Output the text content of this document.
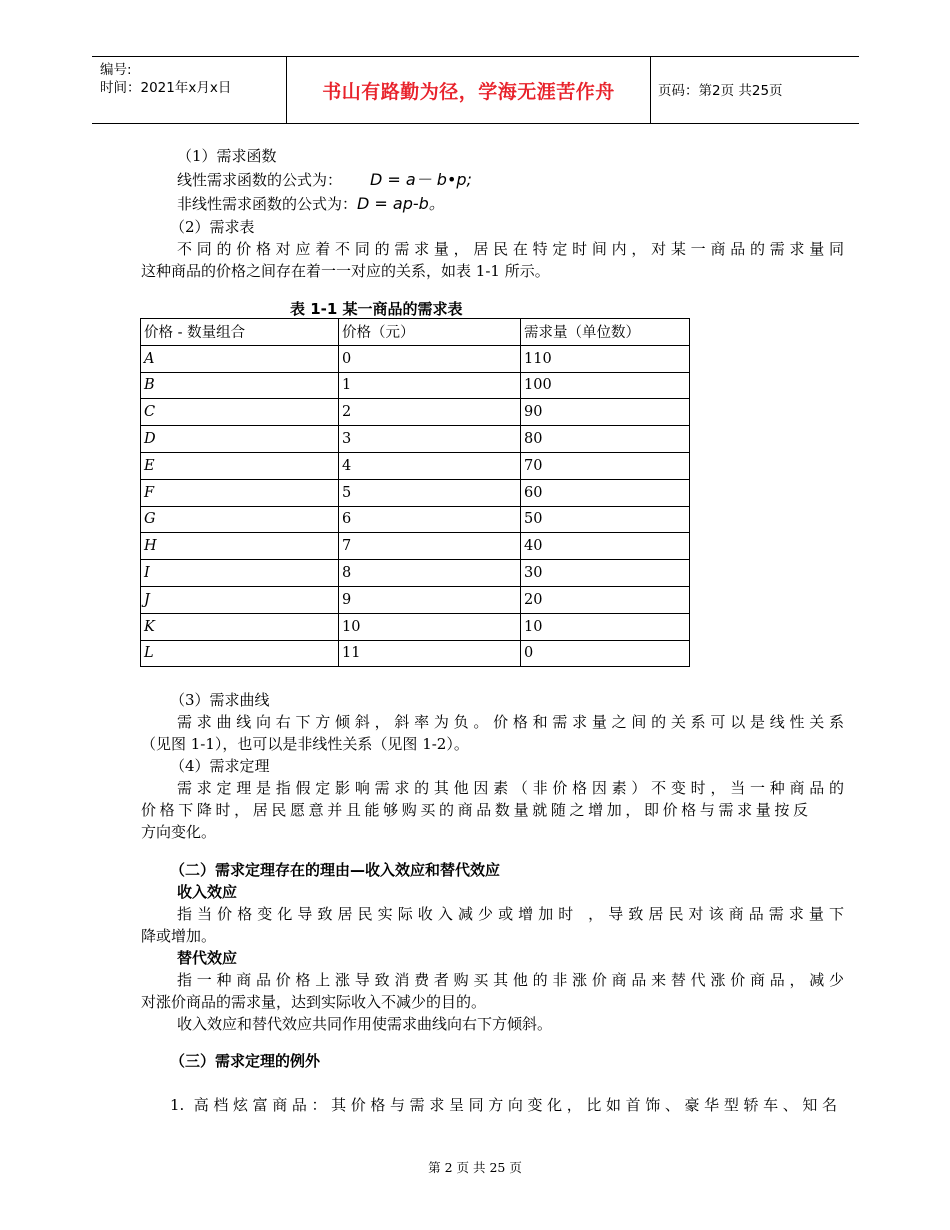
编号:
时间：2021年x月x日	书山有路勤为径，学海无涯苦作舟	页码：第2页 共25页
（1）需求函数
线性需求函数的公式为： D = a－ b•p;
非线性需求函数的公式为：D = ap-b。
（2）需求表
不同的价格对应着不同的需求量，居民在特定时间内，对某一商品的需求量同
这种商品的价格之间存在着一一对应的关系，如表 1-1 所示。
表 1-1 某一商品的需求表
价格 - 数量组合	价格（元）	需求量（单位数）
A	0	110
B	1	100
C	2	90
D	3	80
E	4	70
F	5	60
G	6	50
H	7	40
I	8	30
J	9	20
K	10	10
L	11	0
（3）需求曲线
需求曲线向右下方倾斜，斜率为负。价格和需求量之间的关系可以是线性关系
（见图 1-1），也可以是非线性关系（见图 1-2）。
（4）需求定理
需求定理是指假定影响需求的其他因素（非价格因素）不变时，当一种商品的
价格下降时，居民愿意并且能够购买的商品数量就随之增加，即价格与需求量按反
方向变化。
（二）需求定理存在的理由—收入效应和替代效应
收入效应
指当价格变化导致居民实际收入减少或增加时 ，导致居民对该商品需求量下
降或增加。
替代效应
指一种商品价格上涨导致消费者购买其他的非涨价商品来替代涨价商品，减少
对涨价商品的需求量，达到实际收入不减少的目的。
收入效应和替代效应共同作用使需求曲线向右下方倾斜。
（三）需求定理的例外
1. 高档炫富商品：其价格与需求呈同方向变化，比如首饰、豪华型轿车、知名
第 2 页 共 25 页
